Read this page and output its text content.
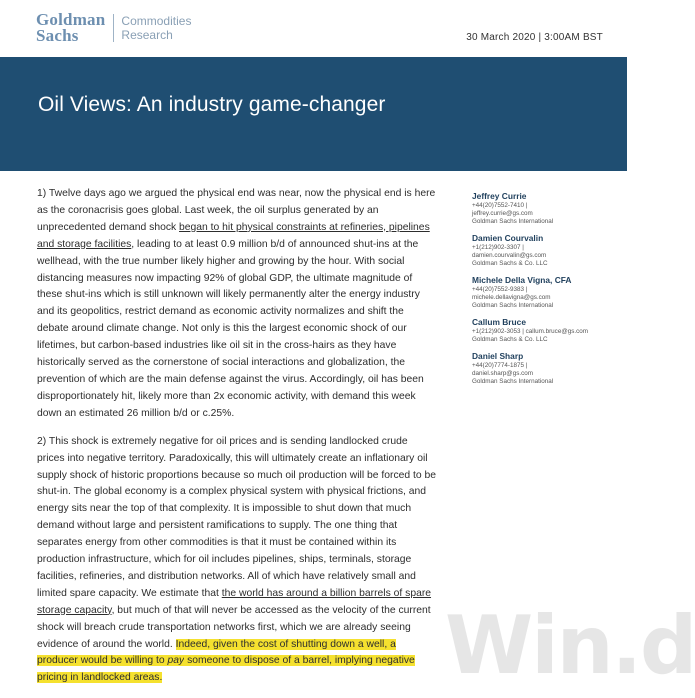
Goldman
Sachs
Commodities
Research	30 March 2020 | 3:00AM BST
Oil Views: An industry game-changer

1) Twelve days ago we argued the physical end was near, now the physical end is here as the coronacrisis goes global. Last week, the oil surplus generated by an unprecedented demand shock began to hit physical constraints at refineries, pipelines and storage facilities, leading to at least 0.9 million b/d of announced shut-ins at the wellhead, with the true number likely higher and growing by the hour. With social distancing measures now impacting 92% of global GDP, the ultimate magnitude of these shut-ins which is still unknown will likely permanently alter the energy industry and its geopolitics, restrict demand as economic activity normalizes and shift the debate around climate change. Not only is this the largest economic shock of our lifetimes, but carbon-based industries like oil sit in the cross-hairs as they have historically served as the cornerstone of social interactions and globalization, the prevention of which are the main defense against the virus. Accordingly, oil has been disproportionately hit, likely more than 2x economic activity, with demand this week down an estimated 26 million b/d or c.25%.

2) This shock is extremely negative for oil prices and is sending landlocked crude prices into negative territory. Paradoxically, this will ultimately create an inflationary oil supply shock of historic proportions because so much oil production will be forced to be shut-in. The global economy is a complex physical system with physical frictions, and energy sits near the top of that complexity. It is impossible to shut down that much demand without large and persistent ramifications to supply. The one thing that separates energy from other commodities is that it must be contained within its production infrastructure, which for oil includes pipelines, ships, terminals, storage facilities, refineries, and distribution networks. All of which have relatively small and limited spare capacity. We estimate that the world has around a billion barrels of spare storage capacity, but much of that will never be accessed as the velocity of the current shock will breach crude transportation networks first, which we are already seeing evidence of around the world. Indeed, given the cost of shutting down a well, a producer would be willing to pay someone to dispose of a barrel, implying negative pricing in landlocked areas.

Jeffrey Currie
+44(20)7552-7410 |
jeffrey.currie@gs.com
Goldman Sachs International
Damien Courvalin
+1(212)902-3307 |
damien.courvalin@gs.com
Goldman Sachs & Co. LLC
Michele Della Vigna, CFA
+44(20)7552-9383 |
michele.dellavigna@gs.com
Goldman Sachs International
Callum Bruce
+1(212)902-3053 | callum.bruce@gs.com
Goldman Sachs & Co. LLC
Daniel Sharp
+44(20)7774-1875 |
daniel.sharp@gs.com
Goldman Sachs International
Win.d
